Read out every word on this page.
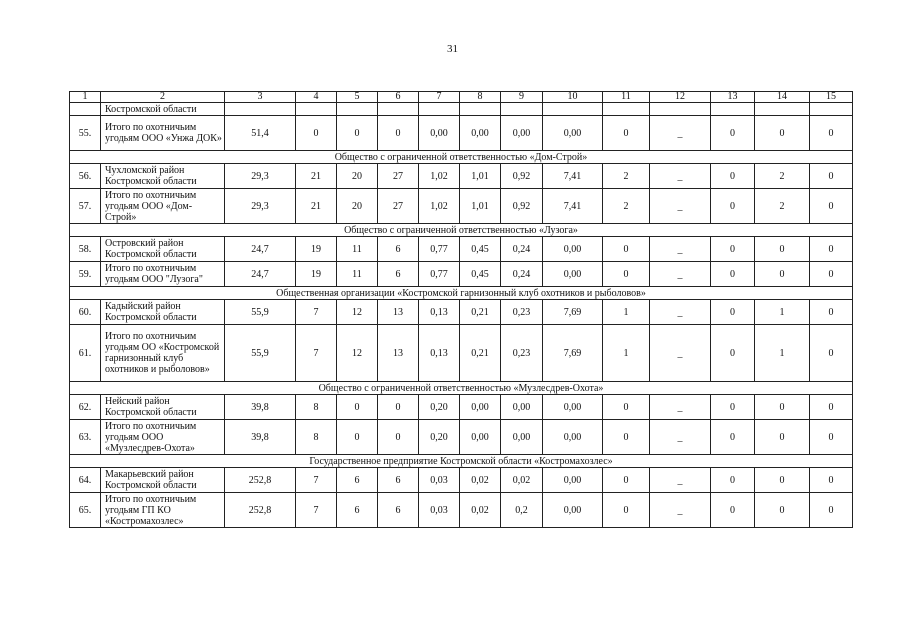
31
1	2	3	4	5	6	7	8	9	10	11	12	13	14	15
	Костромской области													
55.	Итого по охотничьим угодьям ООО «Унжа ДОК»	51,4	0	0	0	0,00	0,00	0,00	0,00	0	_	0	0	0
Общество с ограниченной ответственностью «Дом-Строй»														
56.	Чухломской район Костромской области	29,3	21	20	27	1,02	1,01	0,92	7,41	2	_	0	2	0
57.	Итого по охотничьим угодьям ООО «Дом-Строй»	29,3	21	20	27	1,02	1,01	0,92	7,41	2	_	0	2	0
Общество с ограниченной ответственностью «Лузога»														
58.	Островский район Костромской области	24,7	19	11	6	0,77	0,45	0,24	0,00	0	_	0	0	0
59.	Итого по охотничьим угодьям ООО "Лузога"	24,7	19	11	6	0,77	0,45	0,24	0,00	0	_	0	0	0
Общественная организации «Костромской гарнизонный клуб охотников и рыболовов»														
60.	Кадыйский район Костромской области	55,9	7	12	13	0,13	0,21	0,23	7,69	1	_	0	1	0
61.	Итого по охотничьим угодьям ОО «Костромской гарнизонный клуб охотников и рыболовов»	55,9	7	12	13	0,13	0,21	0,23	7,69	1	_	0	1	0
Общество с ограниченной ответственностью «Музлесдрев-Охота»														
62.	Нейский район Костромской области	39,8	8	0	0	0,20	0,00	0,00	0,00	0	_	0	0	0
63.	Итого по охотничьим угодьям ООО «Музлесдрев-Охота»	39,8	8	0	0	0,20	0,00	0,00	0,00	0	_	0	0	0
Государственное предприятие Костромской области «Костромахозлес»														
64.	Макарьевский район Костромской области	252,8	7	6	6	0,03	0,02	0,02	0,00	0	_	0	0	0
65.	Итого по охотничьим угодьям ГП КО «Костромахозлес»	252,8	7	6	6	0,03	0,02	0,2	0,00	0	_	0	0	0
